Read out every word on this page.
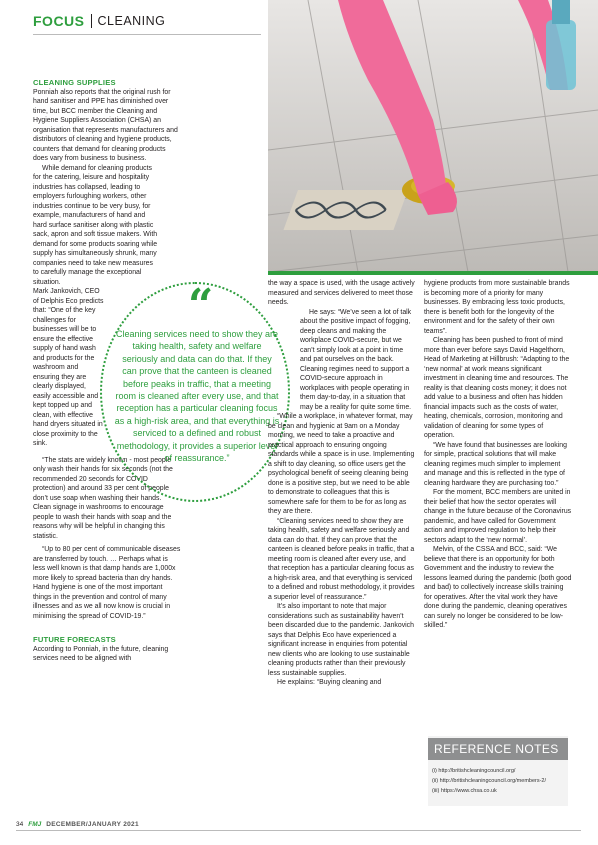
FOCUS CLEANING

CLEANING SUPPLIES

Ponniah also reports that the original rush for hand sanitiser and PPE has diminished over time, but BCC member the Cleaning and Hygiene Suppliers Association (CHSA) an organisation that represents manufacturers and distributors of cleaning and hygiene products, counters that demand for cleaning products does vary from business to business.

While demand for cleaning products for the catering, leisure and hospitality industries has collapsed, leading to employers furloughing workers, other industries continue to be very busy, for example, manufacturers of hand and hard surface sanitiser along with plastic sack, apron and soft tissue makers. With demand for some products soaring while supply has simultaneously shrunk, many companies need to take new measures to carefully manage the exceptional situation.

Mark Jankovich, CEO of Delphis Eco predicts that: “One of the key challenges for businesses will be to ensure the effective supply of hand wash and products for the washroom and ensuring they are clearly displayed, easily accessible and kept topped up and clean, with effective hand dryers situated in close proximity to the sink.

“The stats are widely known - most people only wash their hands for six seconds (not the recommended 20 seconds for COVID protection) and around 33 per cent of people don’t use soap when washing their hands. Clean signage in washrooms to encourage people to wash their hands with soap and the reasons why will be helpful in changing this statistic.

“Up to 80 per cent of communicable diseases are transferred by touch. … Perhaps what is less well known is that damp hands are 1,000x more likely to spread bacteria than dry hands. Hand hygiene is one of the most important things in the prevention and control of many illnesses and as we all now know is crucial in minimising the spread of COVID-19.”

FUTURE FORECASTS

According to Ponniah, in the future, cleaning services need to be aligned with

“
Cleaning services need to show they are taking health, safety and welfare seriously and data can do that. If they can prove that the canteen is cleaned before peaks in traffic, that a meeting room is cleaned after every use, and that reception has a particular cleaning focus as a high-risk area, and that everything is serviced to a defined and robust methodology, it provides a superior level of reassurance.”

the way a space is used, with the usage actively measured and services delivered to meet those needs.

He says: “We’ve seen a lot of talk about the positive impact of fogging, deep cleans and making the workplace COVID-secure, but we can’t simply look at a point in time and pat ourselves on the back. Cleaning regimes need to support a COVID-secure approach in workplaces with people operating in them day-to-day, in a situation that may be a reality for quite some time.

“While a workplace, in whatever format, may be clean and hygienic at 9am on a Monday morning, we need to take a proactive and practical approach to ensuring ongoing standards while a space is in use. Implementing a shift to day cleaning, so office users get the psychological benefit of seeing cleaning being done is a positive step, but we need to be able to demonstrate to colleagues that this is somewhere safe for them to be for as long as they are there.

“Cleaning services need to show they are taking health, safety and welfare seriously and data can do that. If they can prove that the canteen is cleaned before peaks in traffic, that a meeting room is cleaned after every use, and that reception has a particular cleaning focus as a high-risk area, and that everything is serviced to a defined and robust methodology, it provides a superior level of reassurance.”

It’s also important to note that major considerations such as sustainability haven’t been discarded due to the pandemic. Jankovich says that Delphis Eco have experienced a significant increase in enquiries from potential new clients who are looking to use sustainable cleaning products rather than their previously less sustainable supplies.

He explains: “Buying cleaning and

hygiene products from more sustainable brands is becoming more of a priority for many businesses. By embracing less toxic products, there is benefit both for the longevity of the environment and for the safety of their own teams”.

Cleaning has been pushed to front of mind more than ever before says David Hagelthorn, Head of Marketing at Hillbrush: “Adapting to the ‘new normal’ at work means significant investment in cleaning time and resources. The reality is that cleaning costs money; it does not add value to a business and often has hidden financial impacts such as the costs of water, heating, chemicals, corrosion, monitoring and validation of cleaning for some types of operation.

“We have found that businesses are looking for simple, practical solutions that will make cleaning regimes much simpler to implement and manage and this is reflected in the type of cleaning hardware they are purchasing too.”

For the moment, BCC members are united in their belief that how the sector operates will change in the future because of the Coronavirus pandemic, and have called for Government action and improved regulation to help their sectors adapt to the ‘new normal’.

Melvin, of the CSSA and BCC, said: “We believe that there is an opportunity for both Government and the industry to review the lessons learned during the pandemic (both good and bad) to collectively increase skills training for operatives. After the vital work they have done during the pandemic, cleaning operatives can surely no longer be considered to be low-skilled.”

REFERENCE NOTES
(i) http://britishcleaningcouncil.org/
(ii) http://britishcleaningcouncil.org/members-2/
(iii) https://www.chsa.co.uk
34 FMJ DECEMBER/JANUARY 2021
